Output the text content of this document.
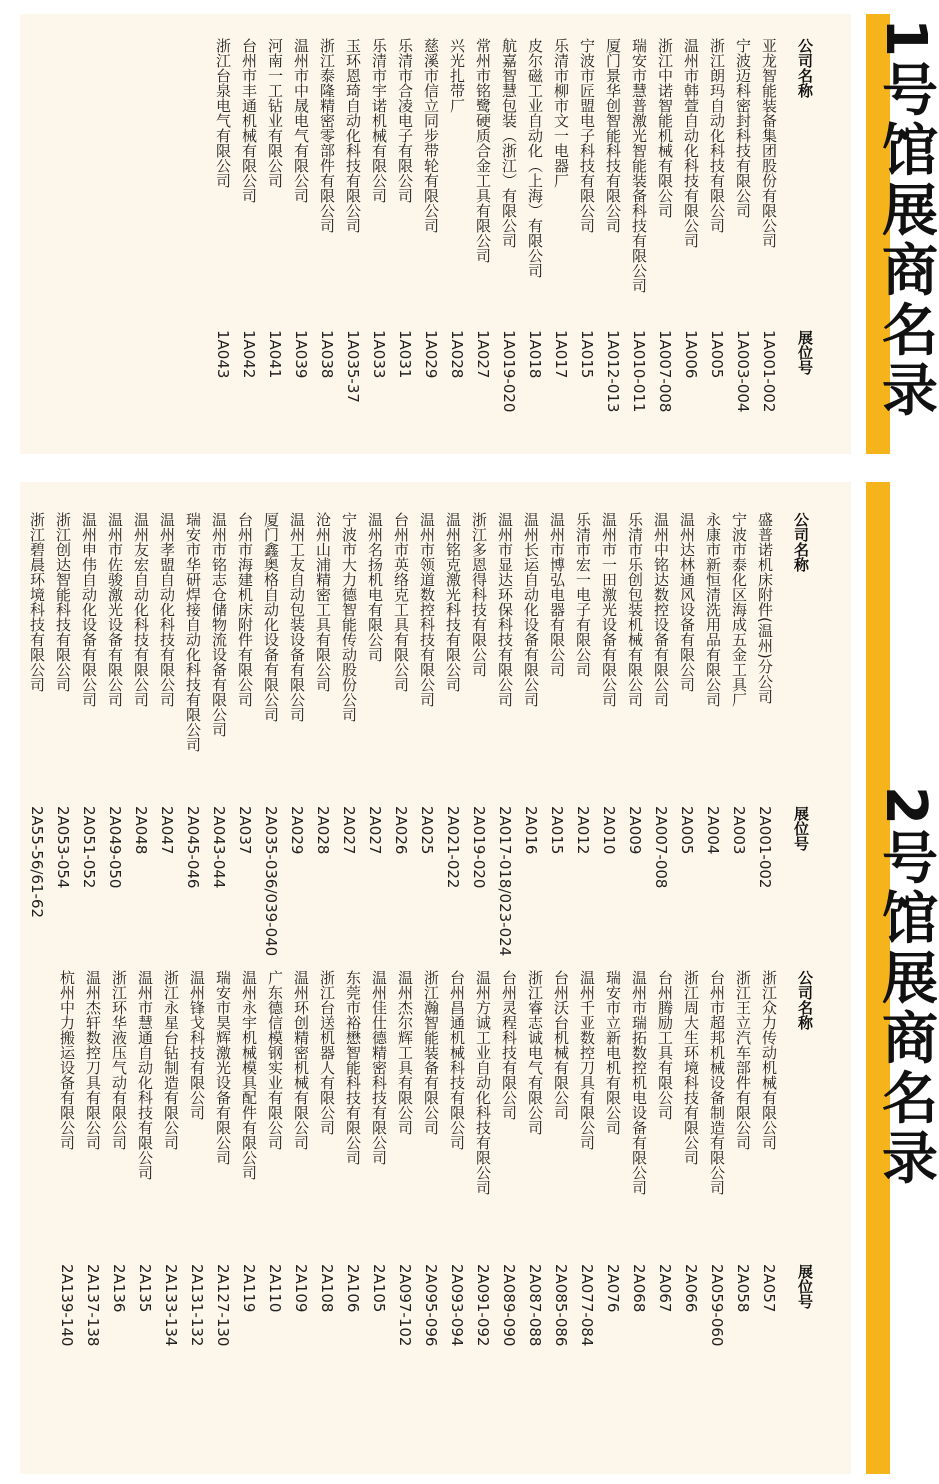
1号馆展商名录
2号馆展商名录
公司名称
亚龙智能装备集团股份有限公司
宁波迈科密封科技有限公司
浙江朗玛自动化科技有限公司
温州市韩萱自动化科技有限公司
浙江中诺智能机械有限公司
瑞安市慧普激光智能装备科技有限公司
厦门景华创智能科技有限公司
宁波市匠盟电子科技有限公司
乐清市柳市文一电器厂
皮尔磁工业自动化（上海）有限公司
航嘉智慧包装（浙江）有限公司
常州市铭鹭硬质合金工具有限公司
兴光扎带厂
慈溪市信立同步带轮有限公司
乐清市合凌电子有限公司
乐清市宇诺机械有限公司
玉环恩琦自动化科技有限公司
浙江泰隆精密零部件有限公司
温州市中晟电气有限公司
河南一工钻业有限公司
台州市丰通机械有限公司
浙江台泉电气有限公司
展位号
1A001-002
1A003-004
1A005
1A006
1A007-008
1A010-011
1A012-013
1A015
1A017
1A018
1A019-020
1A027
1A028
1A029
1A031
1A033
1A035-37
1A038
1A039
1A041
1A042
1A043
公司名称
盛普诺机床附件(温州)分公司
宁波市泰化区海成五金工具厂
永康市新恒清洗用品有限公司
温州达林通风设备有限公司
温州中铭达数控设备有限公司
乐清市乐创包装机械有限公司
温州市一田激光设备有限公司
乐清市宏一电子有限公司
温州市博弘电器有限公司
温州长运自动化设备有限公司
温州市显达环保科技有限公司
浙江多恩得科技有限公司
温州铭克激光科技有限公司
温州市领道数控科技有限公司
台州市英络克工具有限公司
温州名扬机电有限公司
宁波市大力德智能传动股份公司
沧州山浦精密工具有限公司
温州工友自动包装设备有限公司
厦门鑫奥格自动化设备有限公司
台州市海建机床附件有限公司
温州市铭志仓储物流设备有限公司
瑞安市华研焊接自动化科技有限公司
温州孝盟自动化科技有限公司
温州友宏自动化科技有限公司
温州市佐骏激光设备有限公司
温州申伟自动化设备有限公司
浙江创达智能科技有限公司
浙江碧晨环境科技有限公司
展位号
2A001-002
2A003
2A004
2A005
2A007-008
2A009
2A010
2A012
2A015
2A016
2A017-018/023-024
2A019-020
2A021-022
2A025
2A026
2A027
2A027
2A028
2A029
2A035-036/039-040
2A037
2A043-044
2A045-046
2A047
2A048
2A049-050
2A051-052
2A053-054
2A55-56/61-62
公司名称
浙江众力传动机械有限公司
浙江王立汽车部件有限公司
台州市超邦机械设备制造有限公司
浙江周大生环境科技有限公司
台州腾励工具有限公司
温州市瑞拓数控机电设备有限公司
瑞安市立新电机有限公司
温州千亚数控刀具有限公司
台州沃台机械有限公司
浙江睿志诚电气有限公司
台州灵程科技有限公司
温州方诚工业自动化科技有限公司
台州昌通机械科技有限公司
浙江瀚智能装备有限公司
温州杰尔辉工具有限公司
温州佳仕德精密科技有限公司
东莞市裕懋智能科技有限公司
浙江台送机器人有限公司
温州环创精密机械有限公司
广东德信模钢实业有限公司
温州永宇机械模具配件有限公司
瑞安市昊辉激光设备有限公司
温州锋戈科技有限公司
浙江永星台钻制造有限公司
温州市慧通自动化科技有限公司
浙江环华液压气动有限公司
温州杰轩数控刀具有限公司
杭州中力搬运设备有限公司
展位号
2A057
2A058
2A059-060
2A066
2A067
2A068
2A076
2A077-084
2A085-086
2A087-088
2A089-090
2A091-092
2A093-094
2A095-096
2A097-102
2A105
2A106
2A108
2A109
2A110
2A119
2A127-130
2A131-132
2A133-134
2A135
2A136
2A137-138
2A139-140
